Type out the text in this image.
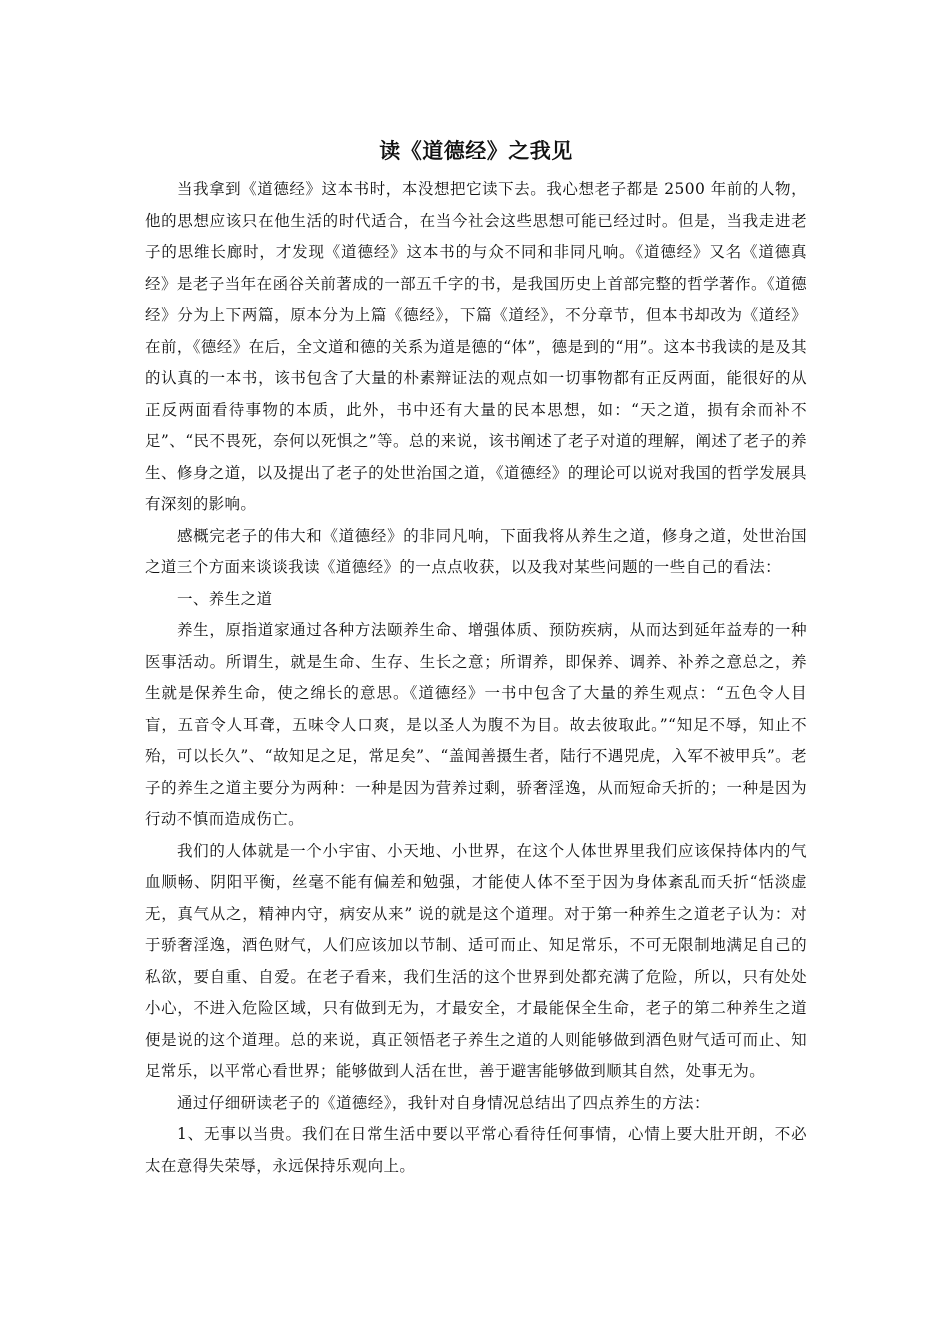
读《道德经》之我见

当我拿到《道德经》这本书时，本没想把它读下去。我心想老子都是 2500 年前的人物，他的思想应该只在他生活的时代适合，在当今社会这些思想可能已经过时。但是，当我走进老子的思维长廊时，才发现《道德经》这本书的与众不同和非同凡响。《道德经》又名《道德真经》是老子当年在函谷关前著成的一部五千字的书，是我国历史上首部完整的哲学著作。《道德经》分为上下两篇，原本分为上篇《德经》，下篇《道经》，不分章节，但本书却改为《道经》在前，《德经》在后，全文道和德的关系为道是德的“体”，德是到的“用”。这本书我读的是及其的认真的一本书，该书包含了大量的朴素辩证法的观点如一切事物都有正反两面，能很好的从正反两面看待事物的本质，此外，书中还有大量的民本思想，如：“天之道，损有余而补不足”、“民不畏死，奈何以死惧之”等。总的来说，该书阐述了老子对道的理解，阐述了老子的养生、修身之道，以及提出了老子的处世治国之道，《道德经》的理论可以说对我国的哲学发展具有深刻的影响。

感概完老子的伟大和《道德经》的非同凡响，下面我将从养生之道，修身之道，处世治国之道三个方面来谈谈我读《道德经》的一点点收获，以及我对某些问题的一些自己的看法：

一、养生之道

养生，原指道家通过各种方法颐养生命、增强体质、预防疾病，从而达到延年益寿的一种医事活动。所谓生，就是生命、生存、生长之意；所谓养，即保养、调养、补养之意总之，养生就是保养生命，使之绵长的意思。《道德经》一书中包含了大量的养生观点：“五色令人目盲，五音令人耳聋，五味令人口爽，是以圣人为腹不为目。故去彼取此。”“知足不辱，知止不殆，可以长久”、“故知足之足，常足矣”、“盖闻善摄生者，陆行不遇兕虎，入军不被甲兵”。老子的养生之道主要分为两种：一种是因为营养过剩，骄奢淫逸，从而短命夭折的；一种是因为行动不慎而造成伤亡。

我们的人体就是一个小宇宙、小天地、小世界，在这个人体世界里我们应该保持体内的气血顺畅、阴阳平衡，丝毫不能有偏差和勉强，才能使人体不至于因为身体紊乱而夭折“恬淡虚无，真气从之，精神内守，病安从来” 说的就是这个道理。对于第一种养生之道老子认为：对于骄奢淫逸，酒色财气，人们应该加以节制、适可而止、知足常乐，不可无限制地满足自己的私欲，要自重、自爱。在老子看来，我们生活的这个世界到处都充满了危险，所以，只有处处小心，不进入危险区域，只有做到无为，才最安全，才最能保全生命，老子的第二种养生之道便是说的这个道理。总的来说，真正领悟老子养生之道的人则能够做到酒色财气适可而止、知足常乐，以平常心看世界；能够做到人活在世，善于避害能够做到顺其自然，处事无为。

通过仔细研读老子的《道德经》，我针对自身情况总结出了四点养生的方法：

1、无事以当贵。我们在日常生活中要以平常心看待任何事情，心情上要大肚开朗，不必太在意得失荣辱，永远保持乐观向上。
